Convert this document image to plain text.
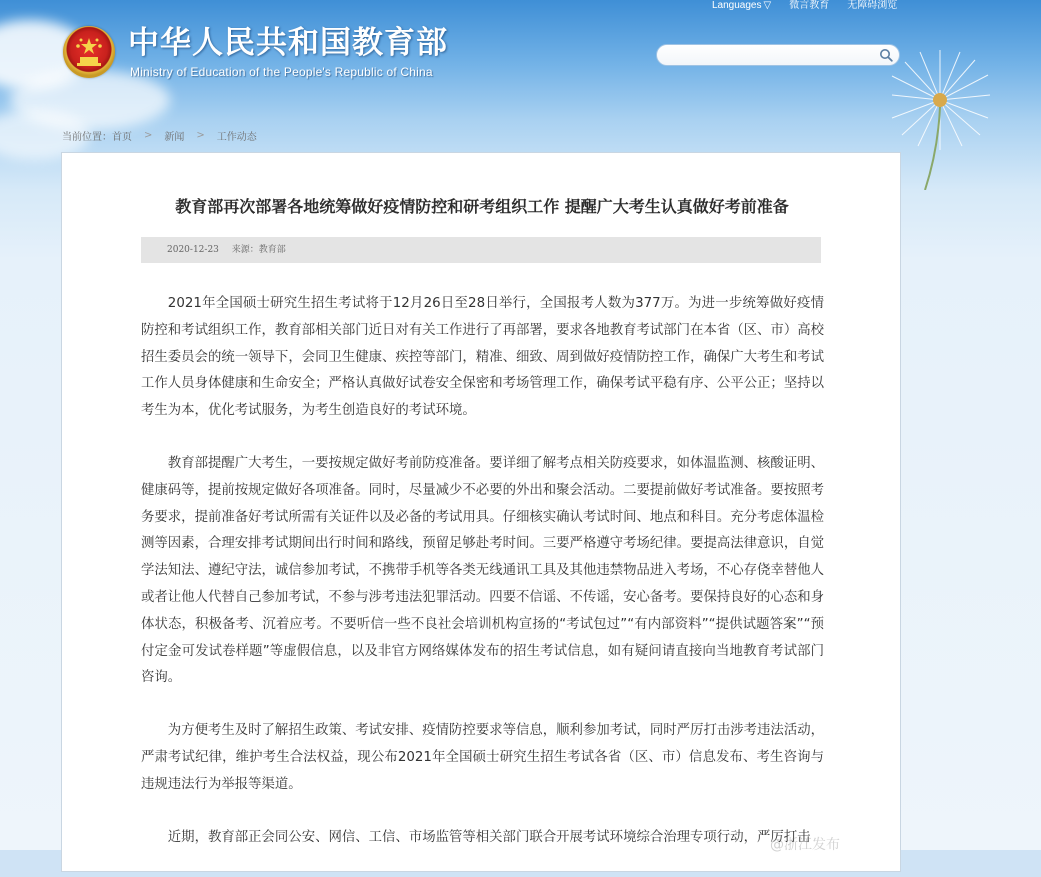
Languages ▽ 微言教育 无障碍浏览
中华人民共和国教育部
Ministry of Education of the People's Republic of China
当前位置： 首页 > 新闻 > 工作动态
教育部再次部署各地统筹做好疫情防控和研考组织工作 提醒广大考生认真做好考前准备
2020-12-23 来源：教育部

2021年全国硕士研究生招生考试将于12月26日至28日举行，全国报考人数为377万。为进一步统筹做好疫情防控和考试组织工作，教育部相关部门近日对有关工作进行了再部署，要求各地教育考试部门在本省（区、市）高校招生委员会的统一领导下，会同卫生健康、疾控等部门，精准、细致、周到做好疫情防控工作，确保广大考生和考试工作人员身体健康和生命安全；严格认真做好试卷安全保密和考场管理工作，确保考试平稳有序、公平公正；坚持以考生为本，优化考试服务，为考生创造良好的考试环境。

教育部提醒广大考生，一要按规定做好考前防疫准备。要详细了解考点相关防疫要求，如体温监测、核酸证明、健康码等，提前按规定做好各项准备。同时，尽量减少不必要的外出和聚会活动。二要提前做好考试准备。要按照考务要求，提前准备好考试所需有关证件以及必备的考试用具。仔细核实确认考试时间、地点和科目。充分考虑体温检测等因素，合理安排考试期间出行时间和路线，预留足够赴考时间。三要严格遵守考场纪律。要提高法律意识，自觉学法知法、遵纪守法，诚信参加考试，不携带手机等各类无线通讯工具及其他违禁物品进入考场，不心存侥幸替他人或者让他人代替自己参加考试，不参与涉考违法犯罪活动。四要不信谣、不传谣，安心备考。要保持良好的心态和身体状态，积极备考、沉着应考。不要听信一些不良社会培训机构宣扬的“考试包过”“有内部资料”“提供试题答案”“预付定金可发试卷样题”等虚假信息，以及非官方网络媒体发布的招生考试信息，如有疑问请直接向当地教育考试部门咨询。

为方便考生及时了解招生政策、考试安排、疫情防控要求等信息，顺利参加考试，同时严厉打击涉考违法活动，严肃考试纪律，维护考生合法权益，现公布2021年全国硕士研究生招生考试各省（区、市）信息发布、考生咨询与违规违法行为举报等渠道。

近期，教育部正会同公安、网信、工信、市场监管等相关部门联合开展考试环境综合治理专项行动，严厉打击

@浙江发布
